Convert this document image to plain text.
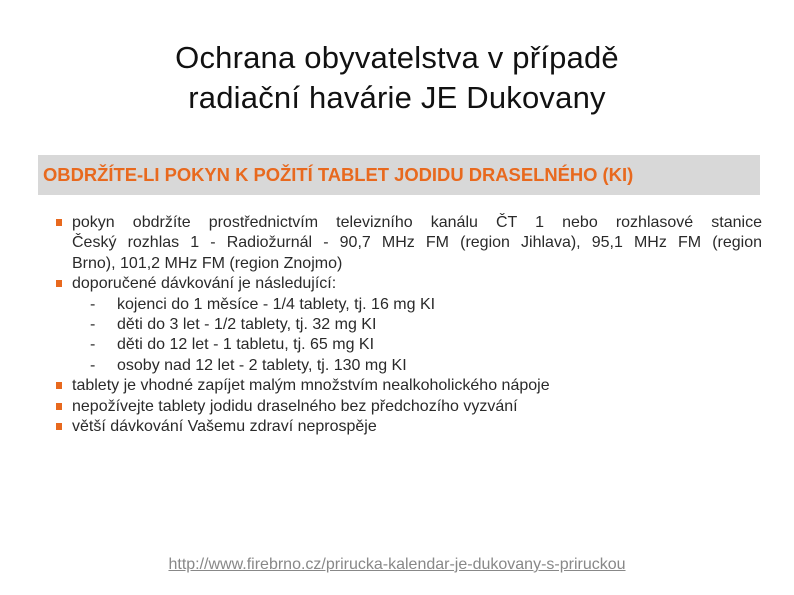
Ochrana obyvatelstva v případě
radiační havárie JE Dukovany
OBDRŽÍTE-LI POKYN K POŽITÍ TABLET JODIDU DRASELNÉHO (KI)
pokyn obdržíte prostřednictvím televizního kanálu ČT 1 nebo rozhlasové stanice
Český rozhlas 1 - Radiožurnál - 90,7 MHz FM (region Jihlava), 95,1 MHz FM (region
Brno), 101,2 MHz FM (region Znojmo)
doporučené dávkování je následující:
-	kojenci do 1 měsíce - 1/4 tablety, tj. 16 mg KI
-	děti do 3 let - 1/2 tablety, tj. 32 mg KI
-	děti do 12 let - 1 tabletu, tj. 65 mg KI
-	osoby nad 12 let - 2 tablety, tj. 130 mg KI
tablety je vhodné zapíjet malým množstvím nealkoholického nápoje
nepožívejte tablety jodidu draselného bez předchozího vyzvání
větší dávkování Vašemu zdraví neprospěje
http://www.firebrno.cz/prirucka-kalendar-je-dukovany-s-priruckou
